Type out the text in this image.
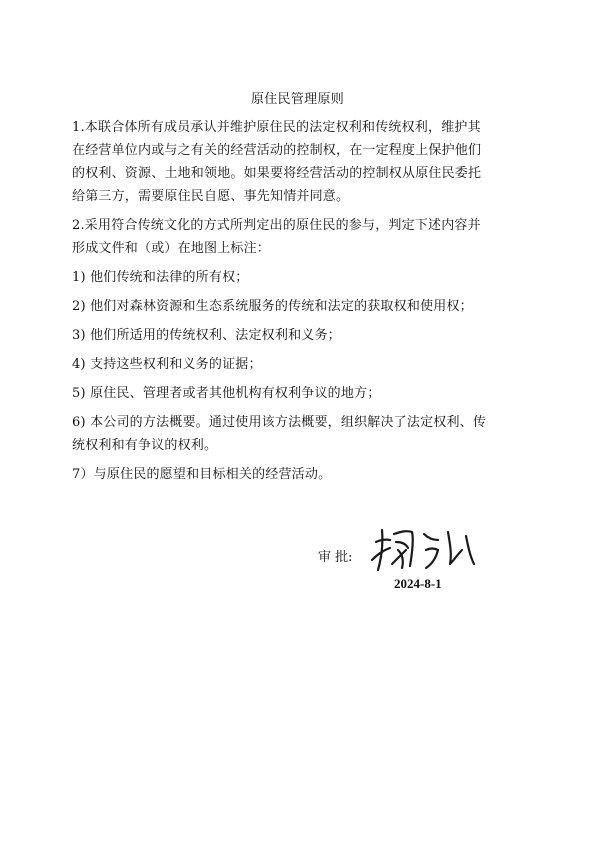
原住民管理原则

1.本联合体所有成员承认并维护原住民的法定权利和传统权利，维护其
在经营单位内或与之有关的经营活动的控制权，在一定程度上保护他们
的权利、资源、土地和领地。如果要将经营活动的控制权从原住民委托
给第三方，需要原住民自愿、事先知情并同意。

2.采用符合传统文化的方式所判定出的原住民的参与，判定下述内容并
形成文件和（或）在地图上标注：

1) 他们传统和法律的所有权；

2) 他们对森林资源和生态系统服务的传统和法定的获取权和使用权；

3) 他们所适用的传统权利、法定权利和义务；

4) 支持这些权利和义务的证据；

5) 原住民、管理者或者其他机构有权利争议的地方；

6) 本公司的方法概要。通过使用该方法概要，组织解决了法定权利、传
统权利和有争议的权利。

7）与原住民的愿望和目标相关的经营活动。

审 批:
2024-8-1
